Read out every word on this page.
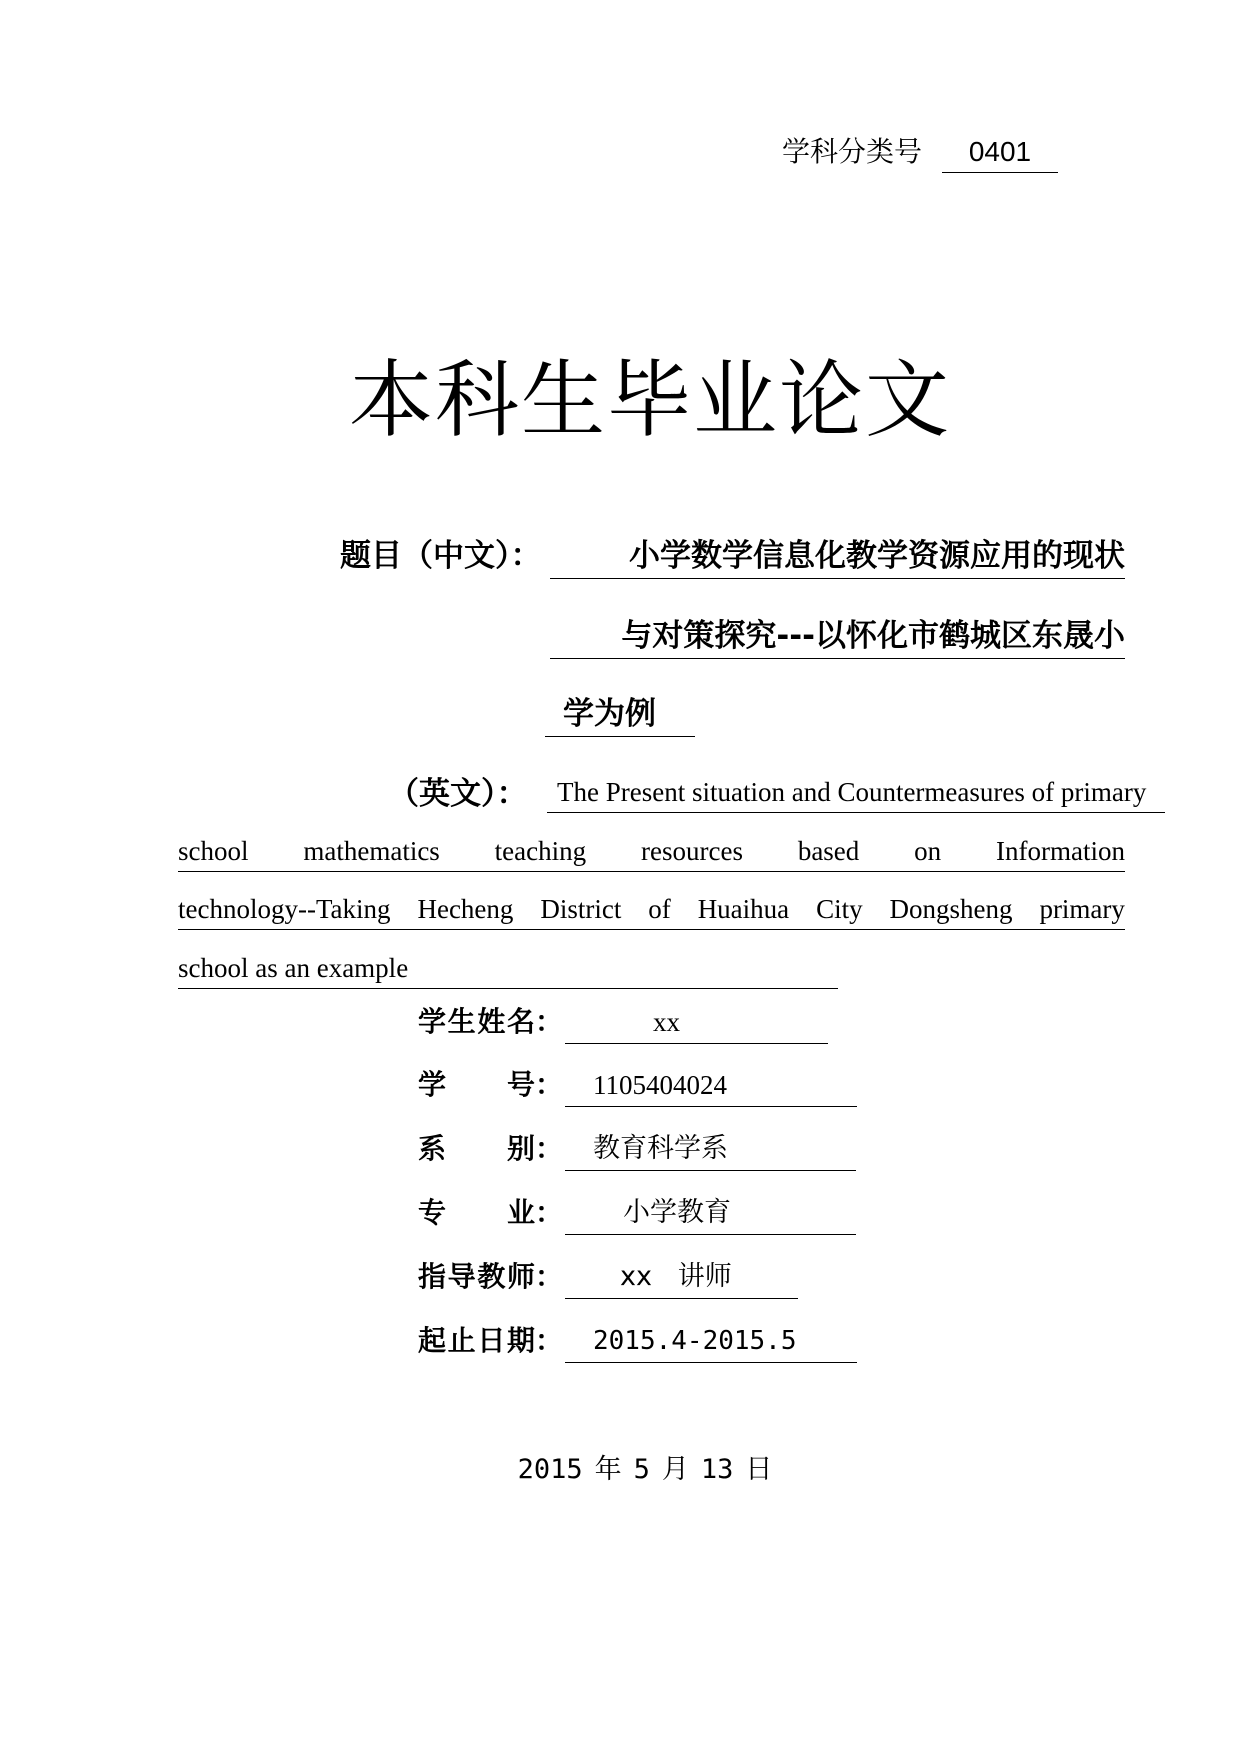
学科分类号	0401
本科生毕业论文
题目（中文）：	小学数学信息化教学资源应用的现状
与对策探究---以怀化市鹤城区东晟小
学为例
（英文）：	The Present situation and Countermeasures of primary
school mathematics teaching resources based on Information
technology--Taking Hecheng District of Huaihua City Dongsheng primary
school as an example
学 生 姓 名：	xx
学 号：	1105404024
系 别：	教育科学系
专 业：	小学教育
指 导 教 师：	xx   讲师
起 止 日 期：	2015.4-2015.5
2015 年 5 月 13 日
